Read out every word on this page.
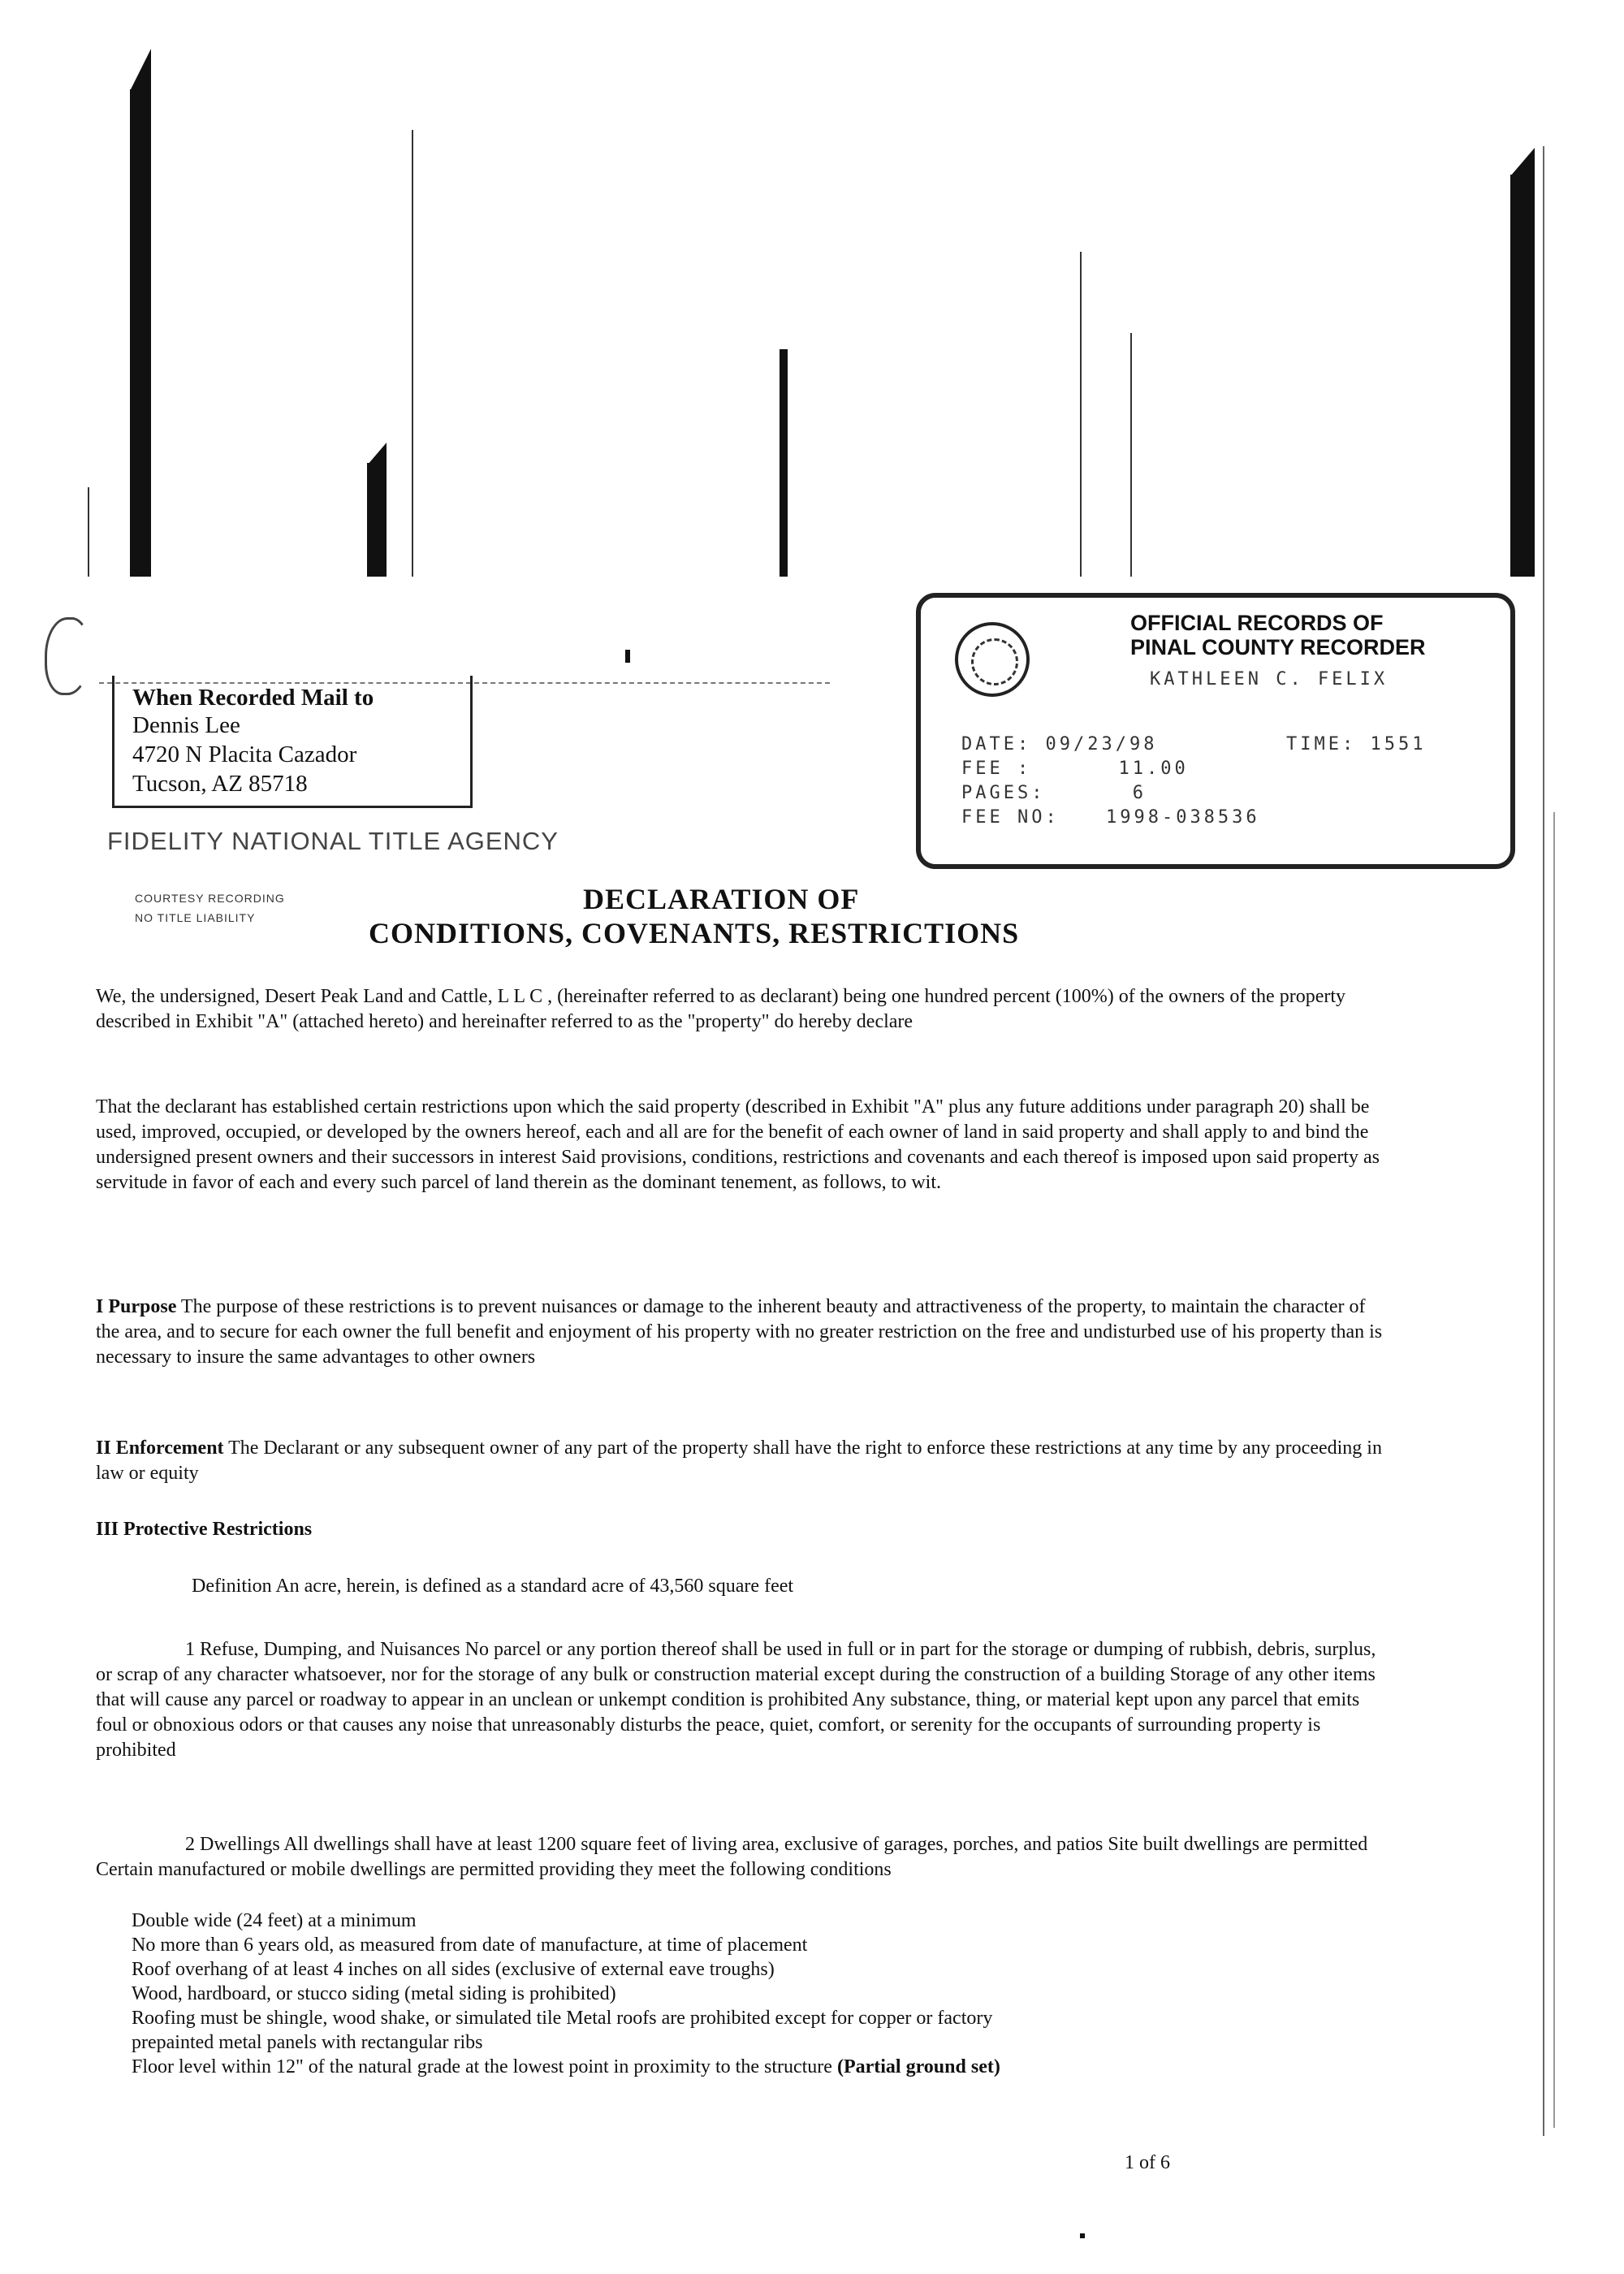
OFFICIAL RECORDS OF
PINAL COUNTY RECORDER
KATHLEEN C. FELIX
DATE: 09/23/98	TIME: 1551
FEE :	11.00
PAGES:	6
FEE NO:	1998-038536
When Recorded Mail to
Dennis Lee
4720 N Placita Cazador
Tucson, AZ 85718
FIDELITY NATIONAL TITLE AGENCY
COURTESY RECORDING
NO TITLE LIABILITY
DECLARATION OF
CONDITIONS, COVENANTS, RESTRICTIONS
We, the undersigned, Desert Peak Land and Cattle, L L C , (hereinafter referred to as declarant) being one hundred percent (100%) of the owners of the property described in Exhibit "A" (attached hereto) and hereinafter referred to as the "property" do hereby declare
That the declarant has established certain restrictions upon which the said property (described in Exhibit "A" plus any future additions under paragraph 20) shall be used, improved, occupied, or developed by the owners hereof, each and all are for the benefit of each owner of land in said property and shall apply to and bind the undersigned present owners and their successors in interest Said provisions, conditions, restrictions and covenants and each thereof is imposed upon said property as servitude in favor of each and every such parcel of land therein as the dominant tenement, as follows, to wit.
I Purpose The purpose of these restrictions is to prevent nuisances or damage to the inherent beauty and attractiveness of the property, to maintain the character of the area, and to secure for each owner the full benefit and enjoyment of his property with no greater restriction on the free and undisturbed use of his property than is necessary to insure the same advantages to other owners
II Enforcement The Declarant or any subsequent owner of any part of the property shall have the right to enforce these restrictions at any time by any proceeding in law or equity
III Protective Restrictions
Definition An acre, herein, is defined as a standard acre of 43,560 square feet
1 Refuse, Dumping, and Nuisances No parcel or any portion thereof shall be used in full or in part for the storage or dumping of rubbish, debris, surplus, or scrap of any character whatsoever, nor for the storage of any bulk or construction material except during the construction of a building Storage of any other items that will cause any parcel or roadway to appear in an unclean or unkempt condition is prohibited Any substance, thing, or material kept upon any parcel that emits foul or obnoxious odors or that causes any noise that unreasonably disturbs the peace, quiet, comfort, or serenity for the occupants of surrounding property is prohibited
2 Dwellings All dwellings shall have at least 1200 square feet of living area, exclusive of garages, porches, and patios Site built dwellings are permitted Certain manufactured or mobile dwellings are permitted providing they meet the following conditions
Double wide (24 feet) at a minimum
No more than 6 years old, as measured from date of manufacture, at time of placement
Roof overhang of at least 4 inches on all sides (exclusive of external eave troughs)
Wood, hardboard, or stucco siding (metal siding is prohibited)
Roofing must be shingle, wood shake, or simulated tile Metal roofs are prohibited except for copper or factory
prepainted metal panels with rectangular ribs
Floor level within 12" of the natural grade at the lowest point in proximity to the structure (Partial ground set)
1 of 6
